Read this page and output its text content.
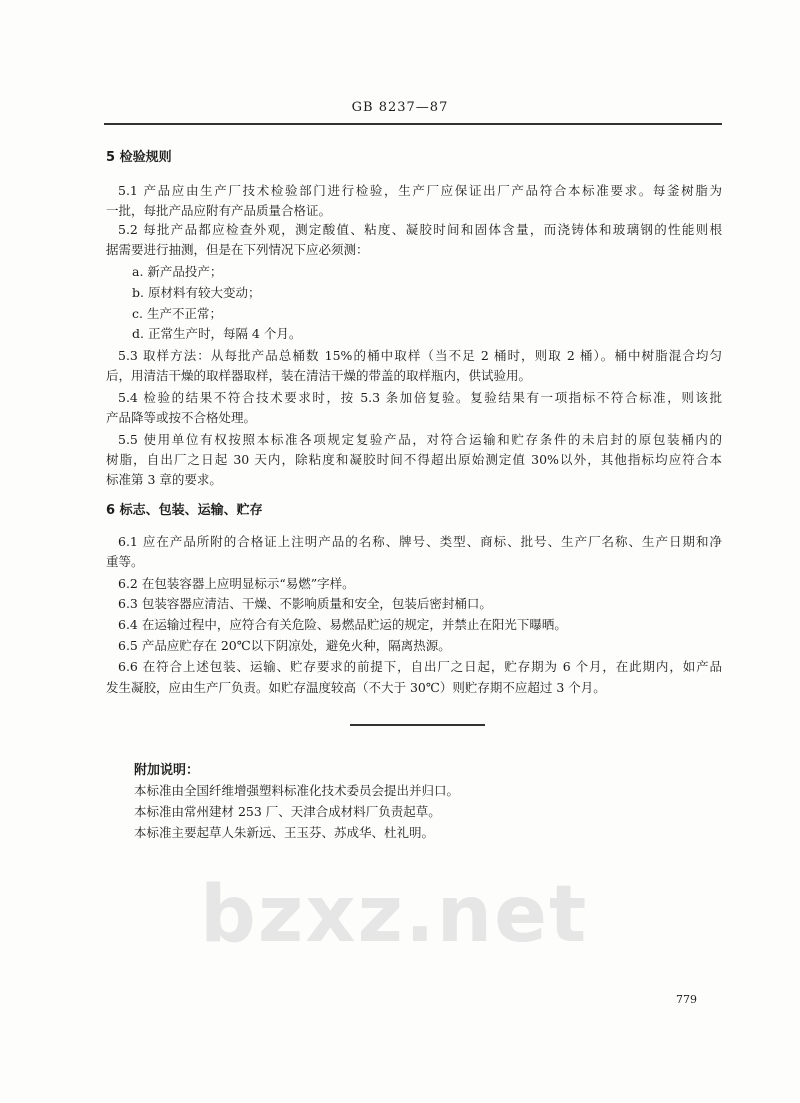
bzxz.net
GB 8237—87
5 检验规则
5.1 产品应由生产厂技术检验部门进行检验，生产厂应保证出厂产品符合本标准要求。每釜树脂为
一批，每批产品应附有产品质量合格证。
5.2 每批产品都应检查外观，测定酸值、粘度、凝胶时间和固体含量，而浇铸体和玻璃钢的性能则根
据需要进行抽测，但是在下列情况下应必须测：
a. 新产品投产；
b. 原材料有较大变动；
c. 生产不正常；
d. 正常生产时，每隔 4 个月。
5.3 取样方法：从每批产品总桶数 15%的桶中取样（当不足 2 桶时，则取 2 桶）。桶中树脂混合均匀
后，用清洁干燥的取样器取样，装在清洁干燥的带盖的取样瓶内，供试验用。
5.4 检验的结果不符合技术要求时，按 5.3 条加倍复验。复验结果有一项指标不符合标准，则该批
产品降等或按不合格处理。
5.5 使用单位有权按照本标准各项规定复验产品，对符合运输和贮存条件的未启封的原包装桶内的
树脂，自出厂之日起 30 天内，除粘度和凝胶时间不得超出原始测定值 30%以外，其他指标均应符合本
标准第 3 章的要求。
6 标志、包装、运输、贮存
6.1 应在产品所附的合格证上注明产品的名称、牌号、类型、商标、批号、生产厂名称、生产日期和净
重等。
6.2 在包装容器上应明显标示“易燃”字样。
6.3 包装容器应清洁、干燥、不影响质量和安全，包装后密封桶口。
6.4 在运输过程中，应符合有关危险、易燃品贮运的规定，并禁止在阳光下曝晒。
6.5 产品应贮存在 20℃以下阴凉处，避免火种，隔离热源。
6.6 在符合上述包装、运输、贮存要求的前提下，自出厂之日起，贮存期为 6 个月，在此期内，如产品
发生凝胶，应由生产厂负责。如贮存温度较高（不大于 30℃）则贮存期不应超过 3 个月。
附加说明：
本标准由全国纤维增强塑料标准化技术委员会提出并归口。
本标准由常州建材 253 厂、天津合成材料厂负责起草。
本标准主要起草人朱新远、王玉芬、苏成华、杜礼明。
779
